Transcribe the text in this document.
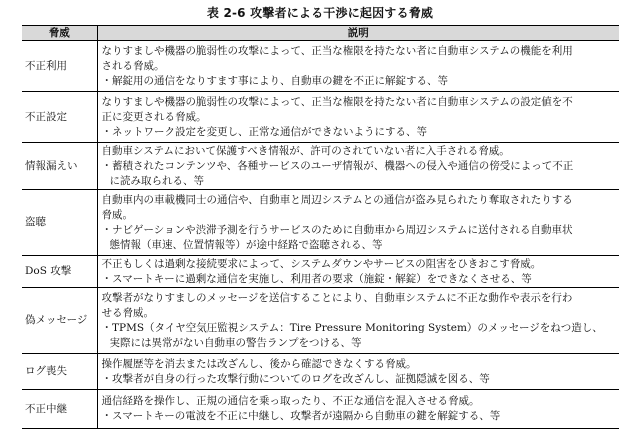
表 2-6 攻撃者による干渉に起因する脅威
脅威	説明
不正利用	なりすましや機器の脆弱性の攻撃によって、正当な権限を持たない者に自動車システムの機能を利用
される脅威。
・解錠用の通信をなりすます事により、自動車の鍵を不正に解錠する、等

不正設定	なりすましや機器の脆弱性の攻撃によって、正当な権限を持たない者に自動車システムの設定値を不
正に変更される脅威。
・ネットワーク設定を変更し、正常な通信ができないようにする、等

情報漏えい	自動車システムにおいて保護すべき情報が、許可のされていない者に入手される脅威。
・蓄積されたコンテンツや、各種サービスのユーザ情報が、機器への侵入や通信の傍受によって不正
に読み取られる、等

盗聴	自動車内の車載機同士の通信や、自動車と周辺システムとの通信が盗み見られたり奪取されたりする
脅威。
・ナビゲーションや渋滞予測を行うサービスのために自動車から周辺システムに送付される自動車状
態情報（車速、位置情報等）が途中経路で盗聴される、等

DoS 攻撃	不正もしくは過剰な接続要求によって、システムダウンやサービスの阻害をひきおこす脅威。
・スマートキーに過剰な通信を実施し、利用者の要求（施錠・解錠）をできなくさせる、等

偽メッセージ	攻撃者がなりすましのメッセージを送信することにより、自動車システムに不正な動作や表示を行わ
せる脅威。
・TPMS（タイヤ空気圧監視システム：Tire Pressure Monitoring System）のメッセージをねつ造し、
実際には異常がない自動車の警告ランプをつける、等

ログ喪失	操作履歴等を消去または改ざんし、後から確認できなくする脅威。
・攻撃者が自身の行った攻撃行動についてのログを改ざんし、証拠隠滅を図る、等

不正中継	通信経路を操作し、正規の通信を乗っ取ったり、不正な通信を混入させる脅威。
・スマートキーの電波を不正に中継し、攻撃者が遠隔から自動車の鍵を解錠する、等
